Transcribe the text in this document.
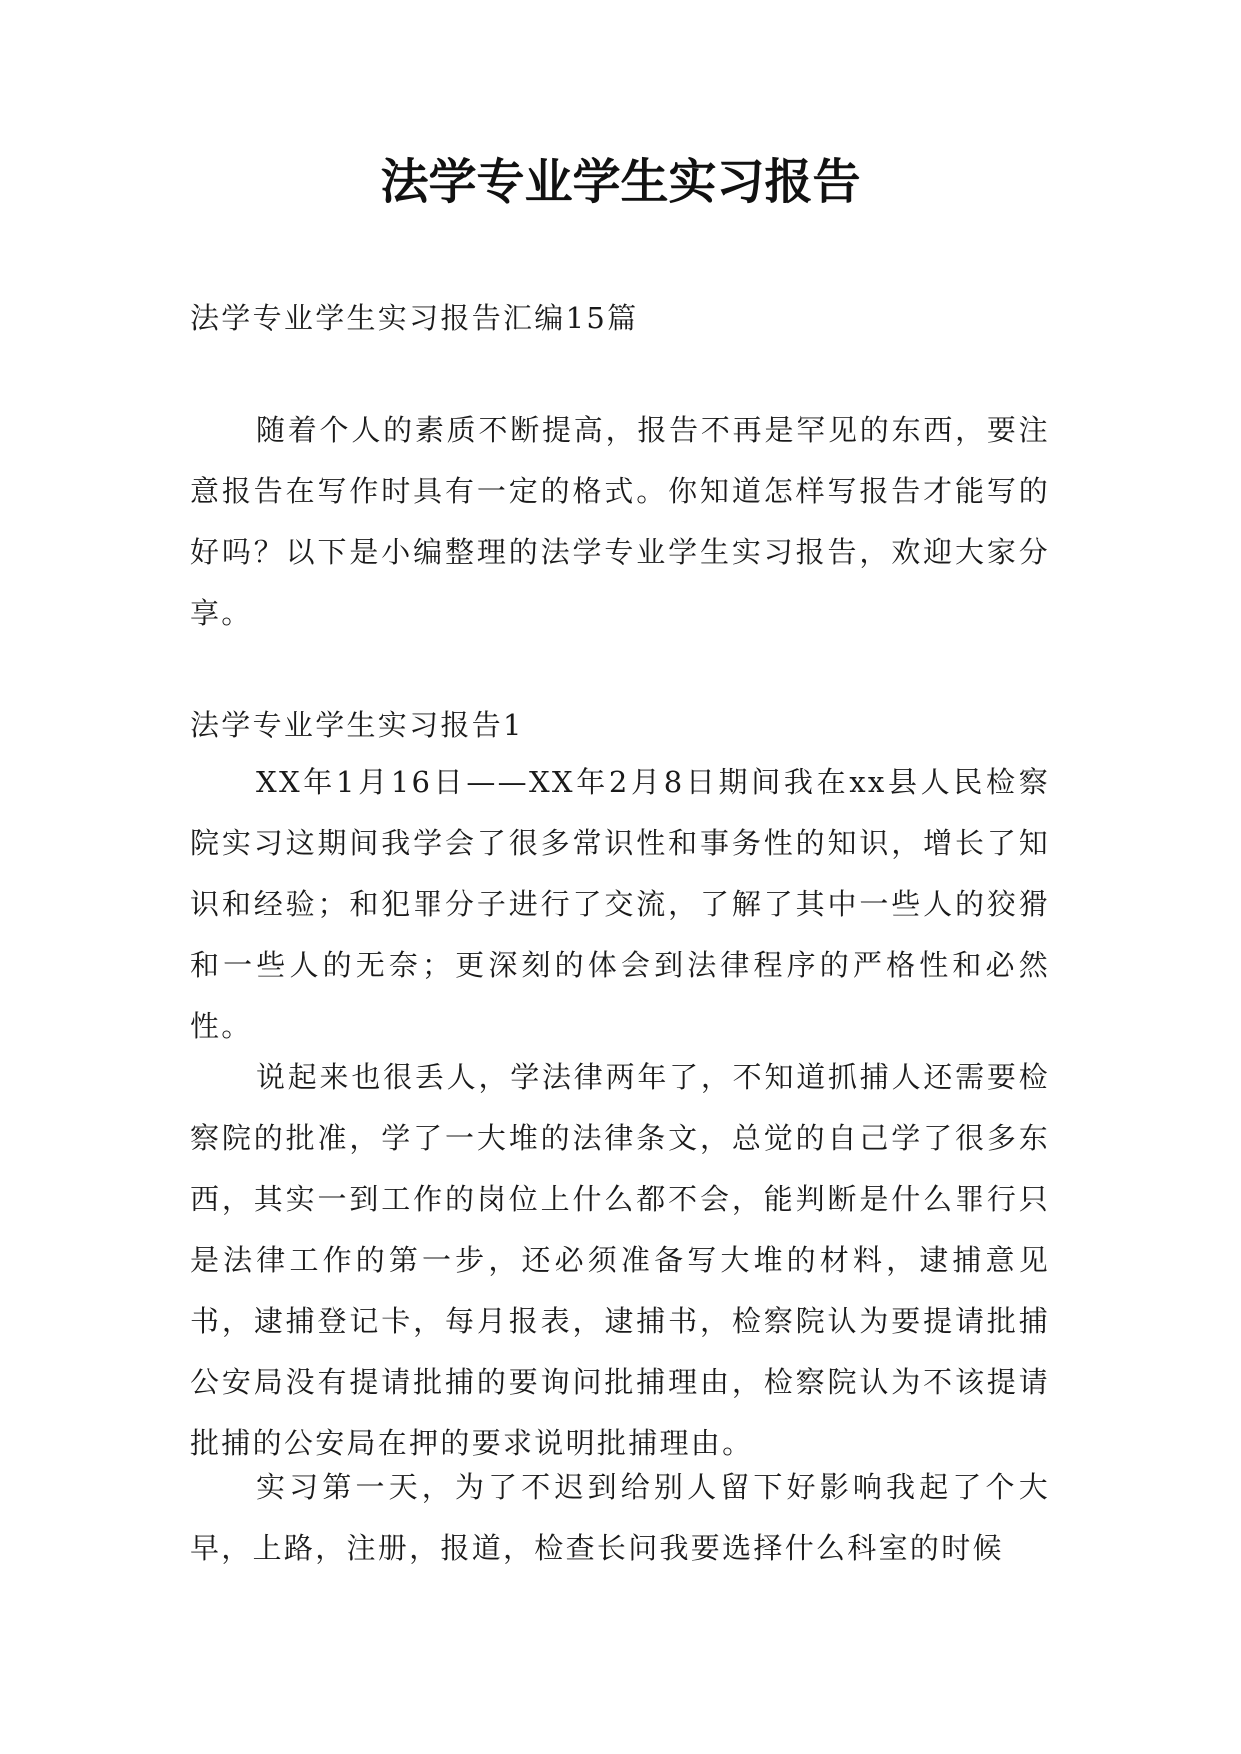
法学专业学生实习报告

法学专业学生实习报告汇编15篇

随着个人的素质不断提高，报告不再是罕见的东西，要注意报告在写作时具有一定的格式。你知道怎样写报告才能写的好吗？以下是小编整理的法学专业学生实习报告，欢迎大家分享。

法学专业学生实习报告1

XX年1月16日——XX年2月8日期间我在xx县人民检察院实习这期间我学会了很多常识性和事务性的知识，增长了知识和经验；和犯罪分子进行了交流，了解了其中一些人的狡猾和一些人的无奈；更深刻的体会到法律程序的严格性和必然性。

说起来也很丢人，学法律两年了，不知道抓捕人还需要检察院的批准，学了一大堆的法律条文，总觉的自己学了很多东西，其实一到工作的岗位上什么都不会，能判断是什么罪行只是法律工作的第一步，还必须准备写大堆的材料，逮捕意见书，逮捕登记卡，每月报表，逮捕书，检察院认为要提请批捕公安局没有提请批捕的要询问批捕理由，检察院认为不该提请批捕的公安局在押的要求说明批捕理由。

实习第一天，为了不迟到给别人留下好影响我起了个大早，上路，注册，报道，检查长问我要选择什么科室的时候
